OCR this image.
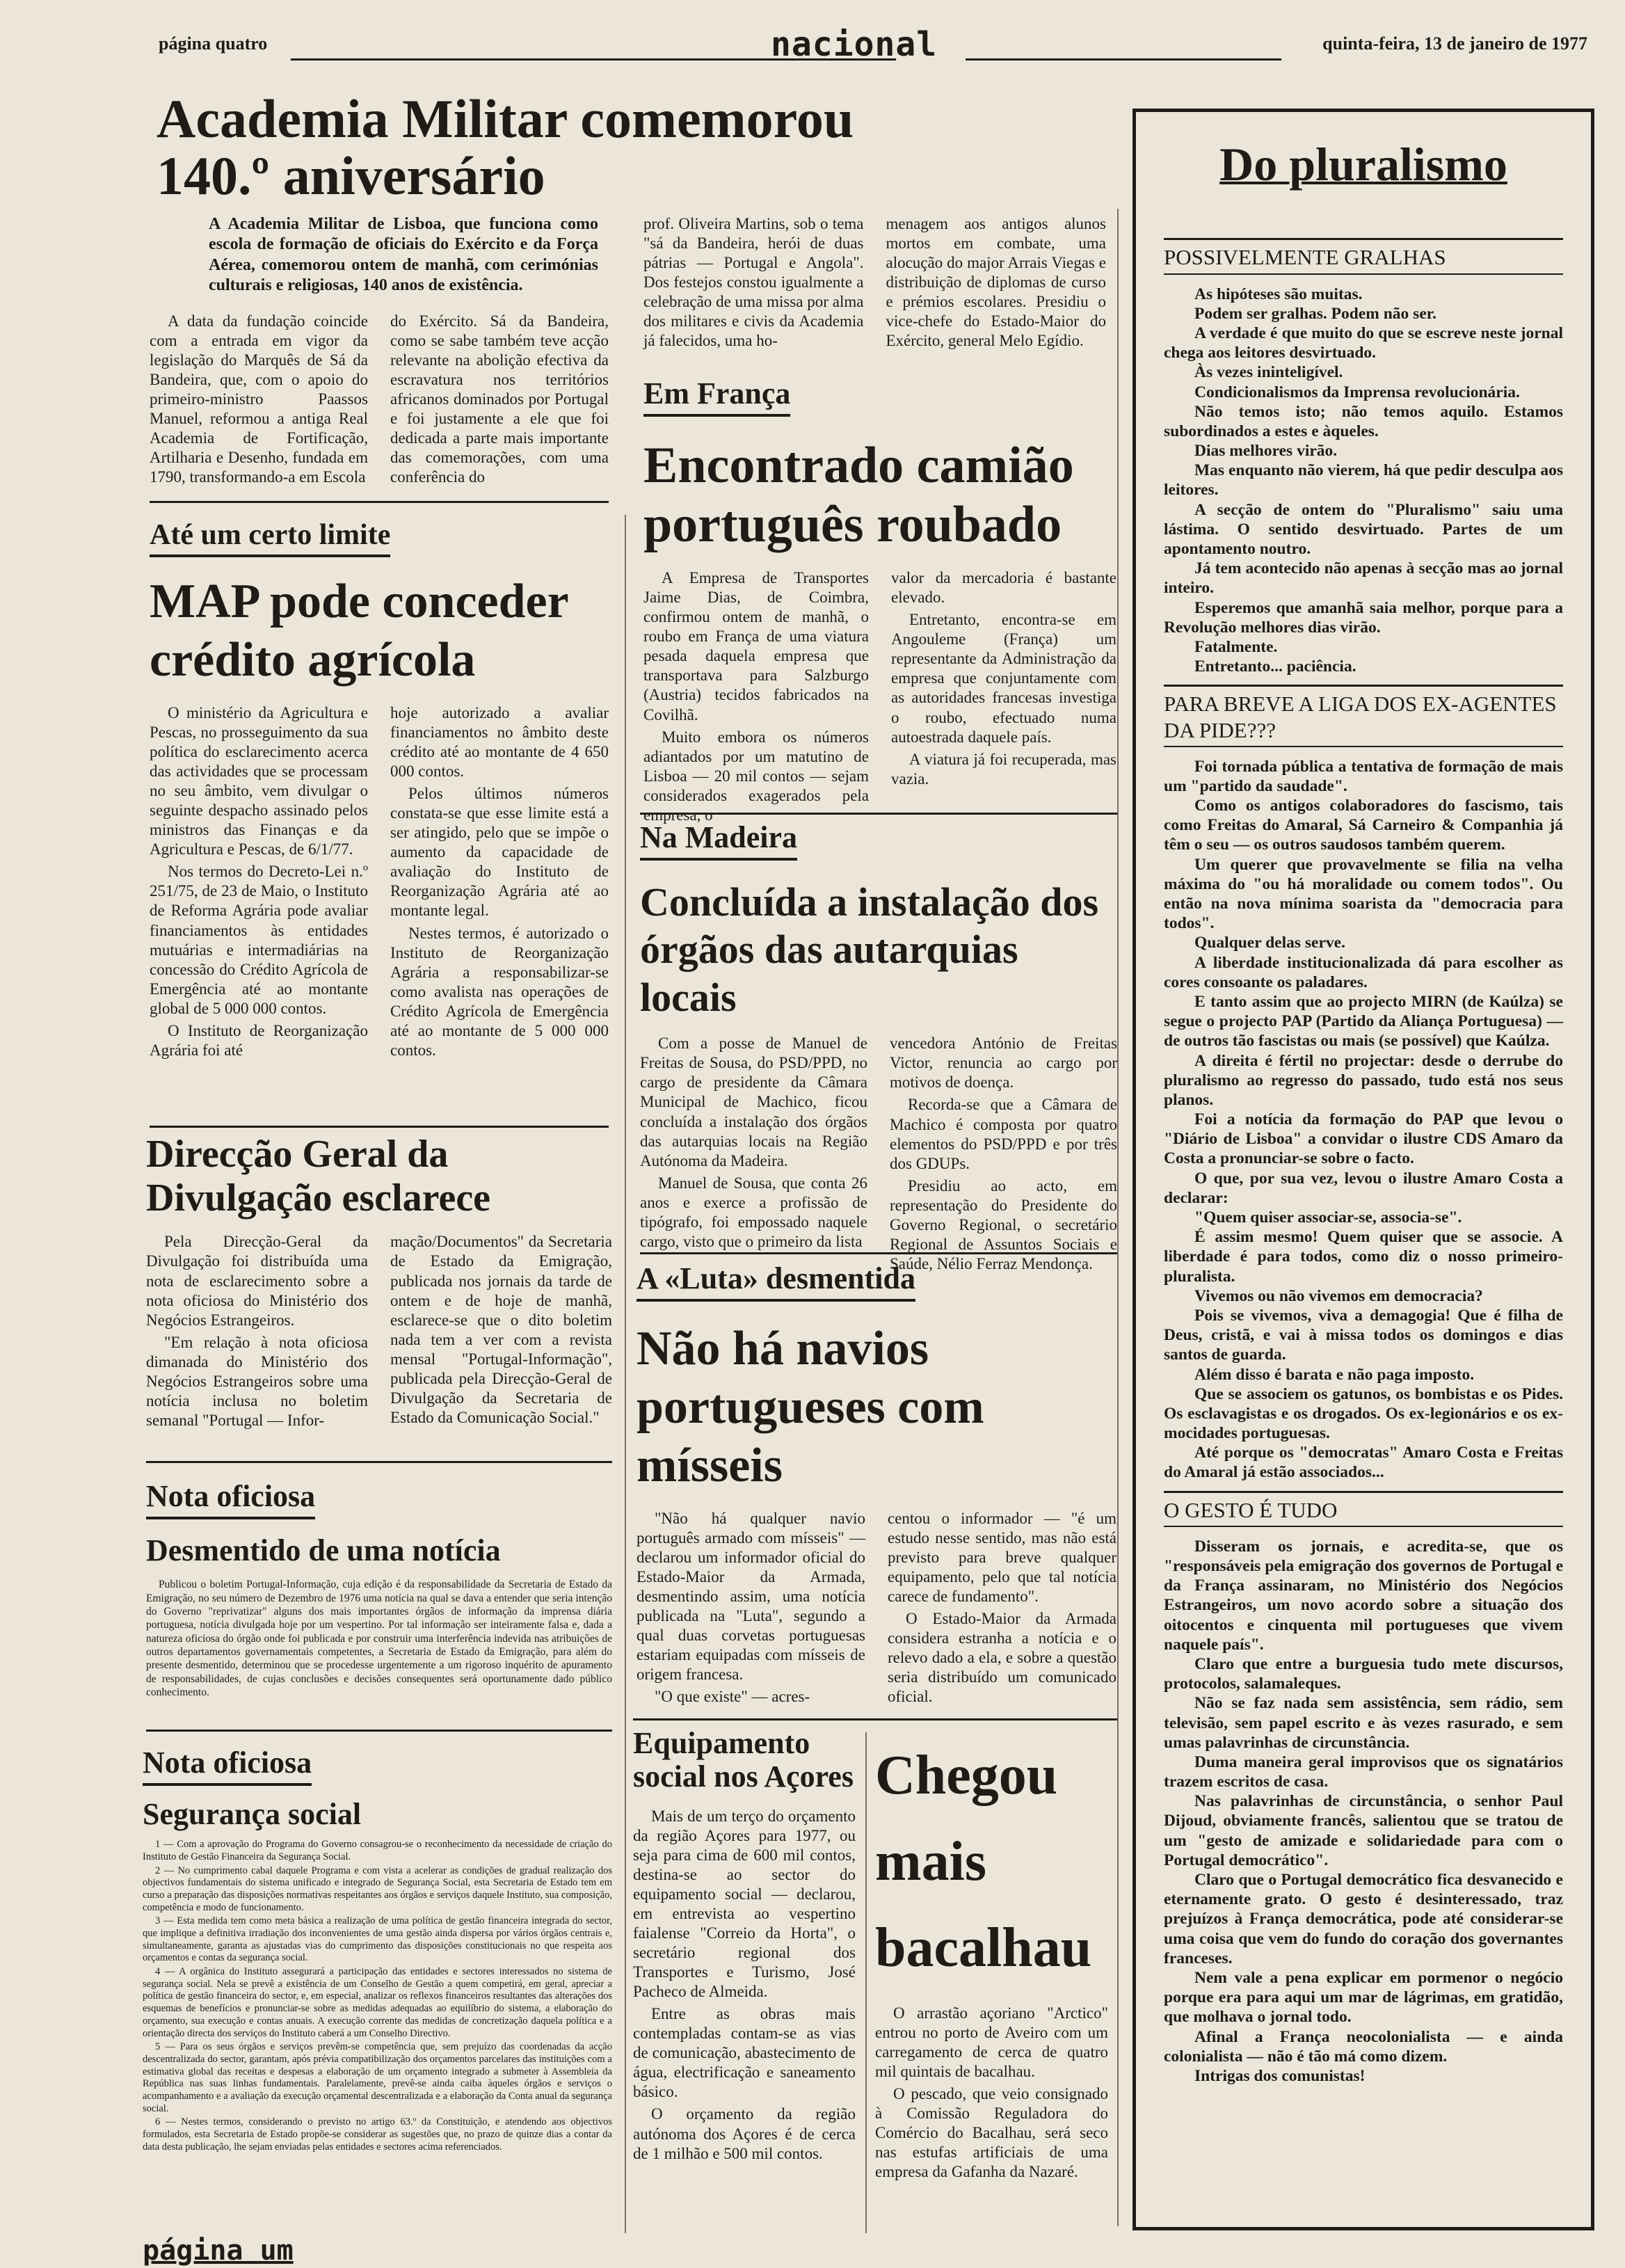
página quatro	nacional	quinta-feira, 13 de janeiro de 1977
Academia Militar comemorou 140.º aniversário

A Academia Militar de Lisboa, que funciona como escola de formação de oficiais do Exército e da Força Aérea, comemorou ontem de manhã, com cerimónias culturais e religiosas, 140 anos de existência.

A data da fundação coincide com a entrada em vigor da legislação do Marquês de Sá da Bandeira, que, com o apoio do primeiro-ministro Paassos Manuel, reformou a antiga Real Academia de Fortificação, Artilharia e Desenho, fundada em 1790, transformando-a em Escola

do Exército. Sá da Bandeira, como se sabe também teve acção relevante na abolição efectiva da escravatura nos territórios africanos dominados por Portugal e foi justamente a ele que foi dedicada a parte mais importante das comemorações, com uma conferência do

prof. Oliveira Martins, sob o tema "sá da Bandeira, herói de duas pátrias — Portugal e Angola". Dos festejos constou igualmente a celebração de uma missa por alma dos militares e civis da Academia já falecidos, uma ho-

menagem aos antigos alunos mortos em combate, uma alocução do major Arrais Viegas e distribuição de diplomas de curso e prémios escolares. Presidiu o vice-chefe do Estado-Maior do Exército, general Melo Egídio.

Até um certo limite
MAP pode conceder crédito agrícola

O ministério da Agricultura e Pescas, no prosseguimento da sua política do esclarecimento acerca das actividades que se processam no seu âmbito, vem divulgar o seguinte despacho assinado pelos ministros das Finanças e da Agricultura e Pescas, de 6/1/77.

Nos termos do Decreto-Lei n.º 251/75, de 23 de Maio, o Instituto de Reforma Agrária pode avaliar financiamentos às entidades mutuárias e intermadiárias na concessão do Crédito Agrícola de Emergência até ao montante global de 5 000 000 contos.

O Instituto de Reorganização Agrária foi até

hoje autorizado a avaliar financiamentos no âmbito deste crédito até ao montante de 4 650 000 contos.

Pelos últimos números constata-se que esse limite está a ser atingido, pelo que se impõe o aumento da capacidade de avaliação do Instituto de Reorganização Agrária até ao montante legal.

Nestes termos, é autorizado o Instituto de Reorganização Agrária a responsabilizar-se como avalista nas operações de Crédito Agrícola de Emergência até ao montante de 5 000 000 contos.

Direcção Geral da Divulgação esclarece

Pela Direcção-Geral da Divulgação foi distribuída uma nota de esclarecimento sobre a nota oficiosa do Ministério dos Negócios Estrangeiros.

"Em relação à nota oficiosa dimanada do Ministério dos Negócios Estrangeiros sobre uma notícia inclusa no boletim semanal "Portugal — Infor-

mação/Documentos" da Secretaria de Estado da Emigração, publicada nos jornais da tarde de ontem e de hoje de manhã, esclarece-se que o dito boletim nada tem a ver com a revista mensal "Portugal-Informação", publicada pela Direcção-Geral de Divulgação da Secretaria de Estado da Comunicação Social."

Nota oficiosa
Desmentido de uma notícia

Publicou o boletim Portugal-Informação, cuja edição é da responsabilidade da Secretaria de Estado da Emigração, no seu número de Dezembro de 1976 uma notícia na qual se dava a entender que seria intenção do Governo "reprivatizar" alguns dos mais importantes órgãos de informação da imprensa diária portuguesa, notícia divulgada hoje por um vespertino. Por tal informação ser inteiramente falsa e, dada a natureza oficiosa do órgão onde foi publicada e por construir uma interferência indevida nas atribuições de outros departamentos governamentais competentes, a Secretaria de Estado da Emigração, para além do presente desmentido, determinou que se procedesse urgentemente a um rigoroso inquérito de apuramento de responsabilidades, de cujas conclusões e decisões consequentes será oportunamente dado público conhecimento.

Nota oficiosa
Segurança social

1 — Com a aprovação do Programa do Governo consagrou-se o reconhecimento da necessidade de criação do Instituto de Gestão Financeira da Segurança Social.

2 — No cumprimento cabal daquele Programa e com vista a acelerar as condições de gradual realização dos objectivos fundamentais do sistema unificado e integrado de Segurança Social, esta Secretaria de Estado tem em curso a preparação das disposições normativas respeitantes aos órgãos e serviços daquele Instituto, sua composição, competência e modo de funcionamento.

3 — Esta medida tem como meta básica a realização de uma política de gestão financeira integrada do sector, que implique a definitiva irradiação dos inconvenientes de uma gestão ainda dispersa por vários órgãos centrais e, simultaneamente, garanta as ajustadas vias do cumprimento das disposições constitucionais no que respeita aos orçamentos e contas da segurança social.

4 — A orgânica do Instituto assegurará a participação das entidades e sectores interessados no sistema de segurança social. Nela se prevê a existência de um Conselho de Gestão a quem competirá, em geral, apreciar a política de gestão financeira do sector, e, em especial, analizar os reflexos financeiros resultantes das alterações dos esquemas de benefícios e pronunciar-se sobre as medidas adequadas ao equilíbrio do sistema, a elaboração do orçamento, sua execução e contas anuais. A execução corrente das medidas de concretização daquela política e a orientação directa dos serviços do Instituto caberá a um Conselho Directivo.

5 — Para os seus órgãos e serviços prevêm-se competência que, sem prejuízo das coordenadas da acção descentralizada do sector, garantam, após prévia compatibilização dos orçamentos parcelares das instituições com a estimativa global das receitas e despesas a elaboração de um orçamento integrado a submeter à Assembleia da República nas suas linhas fundamentais. Paralelamente, prevê-se ainda caiba àqueles órgãos e serviços o acompanhamento e a avaliação da execução orçamental descentralizada e a elaboração da Conta anual da segurança social.

6 — Nestes termos, considerando o previsto no artigo 63.º da Constituição, e atendendo aos objectivos formulados, esta Secretaria de Estado propõe-se considerar as sugestões que, no prazo de quinze dias a contar da data desta publicação, lhe sejam enviadas pelas entidades e sectores acima referenciados.

Em França
Encontrado camião português roubado

A Empresa de Transportes Jaime Dias, de Coimbra, confirmou ontem de manhã, o roubo em França de uma viatura pesada daquela empresa que transportava para Salzburgo (Austria) tecidos fabricados na Covilhã.

Muito embora os números adiantados por um matutino de Lisboa — 20 mil contos — sejam considerados exagerados pela empresa, o

valor da mercadoria é bastante elevado.

Entretanto, encontra-se em Angouleme (França) um representante da Administração da empresa que conjuntamente com as autoridades francesas investiga o roubo, efectuado numa autoestrada daquele país.

A viatura já foi recuperada, mas vazia.

Na Madeira
Concluída a instalação dos órgãos das autarquias locais

Com a posse de Manuel de Freitas de Sousa, do PSD/PPD, no cargo de presidente da Câmara Municipal de Machico, ficou concluída a instalação dos órgãos das autarquias locais na Região Autónoma da Madeira.

Manuel de Sousa, que conta 26 anos e exerce a profissão de tipógrafo, foi empossado naquele cargo, visto que o primeiro da lista

vencedora António de Freitas Victor, renuncia ao cargo por motivos de doença.

Recorda-se que a Câmara de Machico é composta por quatro elementos do PSD/PPD e por três dos GDUPs.

Presidiu ao acto, em representação do Presidente do Governo Regional, o secretário Regional de Assuntos Sociais e Saúde, Nélio Ferraz Mendonça.

A «Luta» desmentida
Não há navios portugueses com mísseis

"Não há qualquer navio português armado com mísseis" — declarou um informador oficial do Estado-Maior da Armada, desmentindo assim, uma notícia publicada na "Luta", segundo a qual duas corvetas portuguesas estariam equipadas com mísseis de origem francesa.

"O que existe" — acres-

centou o informador — "é um estudo nesse sentido, mas não está previsto para breve qualquer equipamento, pelo que tal notícia carece de fundamento".

O Estado-Maior da Armada considera estranha a notícia e o relevo dado a ela, e sobre a questão seria distribuído um comunicado oficial.

Equipamento social nos Açores

Mais de um terço do orçamento da região Açores para 1977, ou seja para cima de 600 mil contos, destina-se ao sector do equipamento social — declarou, em entrevista ao vespertino faialense "Correio da Horta", o secretário regional dos Transportes e Turismo, José Pacheco de Almeida.

Entre as obras mais contempladas contam-se as vias de comunicação, abastecimento de água, electrificação e saneamento básico.

O orçamento da região autónoma dos Açores é de cerca de 1 milhão e 500 mil contos.

Chegou mais bacalhau

O arrastão açoriano "Arctico" entrou no porto de Aveiro com um carregamento de cerca de quatro mil quintais de bacalhau.

O pescado, que veio consignado à Comissão Reguladora do Comércio do Bacalhau, será seco nas estufas artificiais de uma empresa da Gafanha da Nazaré.

Do pluralismo
POSSIVELMENTE GRALHAS

As hipóteses são muitas.

Podem ser gralhas. Podem não ser.

A verdade é que muito do que se escreve neste jornal chega aos leitores desvirtuado.

Às vezes ininteligível.

Condicionalismos da Imprensa revolucionária.

Não temos isto; não temos aquilo. Estamos subordinados a estes e àqueles.

Dias melhores virão.

Mas enquanto não vierem, há que pedir desculpa aos leitores.

A secção de ontem do "Pluralismo" saiu uma lástima. O sentido desvirtuado. Partes de um apontamento noutro.

Já tem acontecido não apenas à secção mas ao jornal inteiro.

Esperemos que amanhã saia melhor, porque para a Revolução melhores dias virão.

Fatalmente.

Entretanto... paciência.

PARA BREVE A LIGA DOS EX-AGENTES DA PIDE???

Foi tornada pública a tentativa de formação de mais um "partido da saudade".

Como os antigos colaboradores do fascismo, tais como Freitas do Amaral, Sá Carneiro & Companhia já têm o seu — os outros saudosos também querem.

Um querer que provavelmente se filia na velha máxima do "ou há moralidade ou comem todos". Ou então na nova mínima soarista da "democracia para todos".

Qualquer delas serve.

A liberdade institucionalizada dá para escolher as cores consoante os paladares.

E tanto assim que ao projecto MIRN (de Kaúlza) se segue o projecto PAP (Partido da Aliança Portuguesa) — de outros tão fascistas ou mais (se possível) que Kaúlza.

A direita é fértil no projectar: desde o derrube do pluralismo ao regresso do passado, tudo está nos seus planos.

Foi a notícia da formação do PAP que levou o "Diário de Lisboa" a convidar o ilustre CDS Amaro da Costa a pronunciar-se sobre o facto.

O que, por sua vez, levou o ilustre Amaro Costa a declarar:

"Quem quiser associar-se, associa-se".

É assim mesmo! Quem quiser que se associe. A liberdade é para todos, como diz o nosso primeiro-pluralista.

Vivemos ou não vivemos em democracia?

Pois se vivemos, viva a demagogia! Que é filha de Deus, cristã, e vai à missa todos os domingos e dias santos de guarda.

Além disso é barata e não paga imposto.

Que se associem os gatunos, os bombistas e os Pides. Os esclavagistas e os drogados. Os ex-legionários e os ex-mocidades portuguesas.

Até porque os "democratas" Amaro Costa e Freitas do Amaral já estão associados...

O GESTO É TUDO

Disseram os jornais, e acredita-se, que os "responsáveis pela emigração dos governos de Portugal e da França assinaram, no Ministério dos Negócios Estrangeiros, um novo acordo sobre a situação dos oitocentos e cinquenta mil portugueses que vivem naquele país".

Claro que entre a burguesia tudo mete discursos, protocolos, salamaleques.

Não se faz nada sem assistência, sem rádio, sem televisão, sem papel escrito e às vezes rasurado, e sem umas palavrinhas de circunstância.

Duma maneira geral improvisos que os signatários trazem escritos de casa.

Nas palavrinhas de circunstância, o senhor Paul Dijoud, obviamente francês, salientou que se tratou de um "gesto de amizade e solidariedade para com o Portugal democrático".

Claro que o Portugal democrático fica desvanecido e eternamente grato. O gesto é desinteressado, traz prejuízos à França democrática, pode até considerar-se uma coisa que vem do fundo do coração dos governantes franceses.

Nem vale a pena explicar em pormenor o negócio porque era para aqui um mar de lágrimas, em gratidão, que molhava o jornal todo.

Afinal a França neocolonialista — e ainda colonialista — não é tão má como dizem.

Intrigas dos comunistas!

página um
